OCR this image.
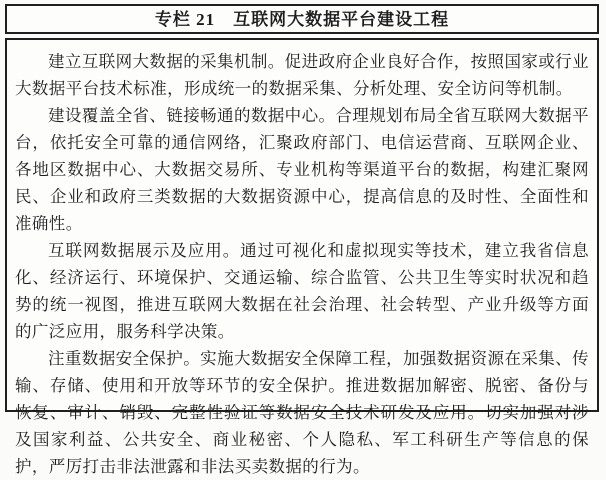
专栏 21　互联网大数据平台建设工程

建立互联网大数据的采集机制。促进政府企业良好合作，按照国家或行业大数据平台技术标准，形成统一的数据采集、分析处理、安全访问等机制。

建设覆盖全省、链接畅通的数据中心。合理规划布局全省互联网大数据平台，依托安全可靠的通信网络，汇聚政府部门、电信运营商、互联网企业、各地区数据中心、大数据交易所、专业机构等渠道平台的数据，构建汇聚网民、企业和政府三类数据的大数据资源中心，提高信息的及时性、全面性和准确性。

互联网数据展示及应用。通过可视化和虚拟现实等技术，建立我省信息化、经济运行、环境保护、交通运输、综合监管、公共卫生等实时状况和趋势的统一视图，推进互联网大数据在社会治理、社会转型、产业升级等方面的广泛应用，服务科学决策。

注重数据安全保护。实施大数据安全保障工程，加强数据资源在采集、传输、存储、使用和开放等环节的安全保护。推进数据加解密、脱密、备份与恢复、审计、销毁、完整性验证等数据安全技术研发及应用。切实加强对涉及国家利益、公共安全、商业秘密、个人隐私、军工科研生产等信息的保护，严厉打击非法泄露和非法买卖数据的行为。
